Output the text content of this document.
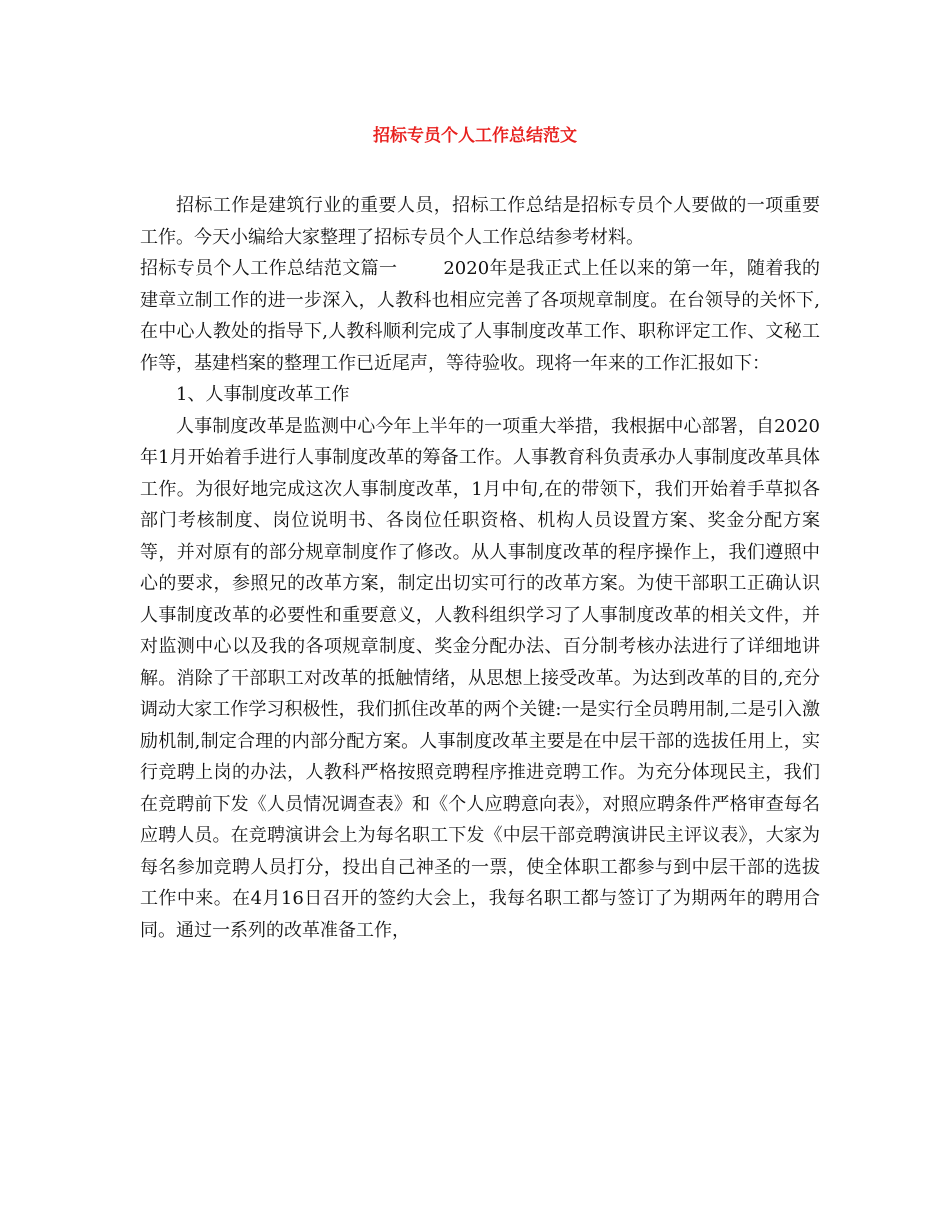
招标专员个人工作总结范文

招标工作是建筑行业的重要人员，招标工作总结是招标专员个人要做的一项重要工作。今天小编给大家整理了招标专员个人工作总结参考材料。

招标专员个人工作总结范文篇一	2020年是我正式上任以来的第一年，随着我的建章立制工作的进一步深入，人教科也相应完善了各项规章制度。在台领导的关怀下,在中心人教处的指导下,人教科顺利完成了人事制度改革工作、职称评定工作、文秘工作等，基建档案的整理工作已近尾声，等待验收。现将一年来的工作汇报如下：

1、人事制度改革工作

人事制度改革是监测中心今年上半年的一项重大举措，我根据中心部署，自2020年1月开始着手进行人事制度改革的筹备工作。人事教育科负责承办人事制度改革具体工作。为很好地完成这次人事制度改革，1月中旬,在的带领下，我们开始着手草拟各部门考核制度、岗位说明书、各岗位任职资格、机构人员设置方案、奖金分配方案等，并对原有的部分规章制度作了修改。从人事制度改革的程序操作上，我们遵照中心的要求，参照兄的改革方案，制定出切实可行的改革方案。为使干部职工正确认识人事制度改革的必要性和重要意义，人教科组织学习了人事制度改革的相关文件，并对监测中心以及我的各项规章制度、奖金分配办法、百分制考核办法进行了详细地讲解。消除了干部职工对改革的抵触情绪，从思想上接受改革。为达到改革的目的,充分调动大家工作学习积极性，我们抓住改革的两个关键:一是实行全员聘用制,二是引入激励机制,制定合理的内部分配方案。人事制度改革主要是在中层干部的选拔任用上，实行竞聘上岗的办法，人教科严格按照竞聘程序推进竞聘工作。为充分体现民主，我们在竞聘前下发《人员情况调查表》和《个人应聘意向表》，对照应聘条件严格审查每名应聘人员。在竞聘演讲会上为每名职工下发《中层干部竞聘演讲民主评议表》，大家为每名参加竞聘人员打分，投出自己神圣的一票，使全体职工都参与到中层干部的选拔工作中来。在4月16日召开的签约大会上，我每名职工都与签订了为期两年的聘用合同。通过一系列的改革准备工作，
